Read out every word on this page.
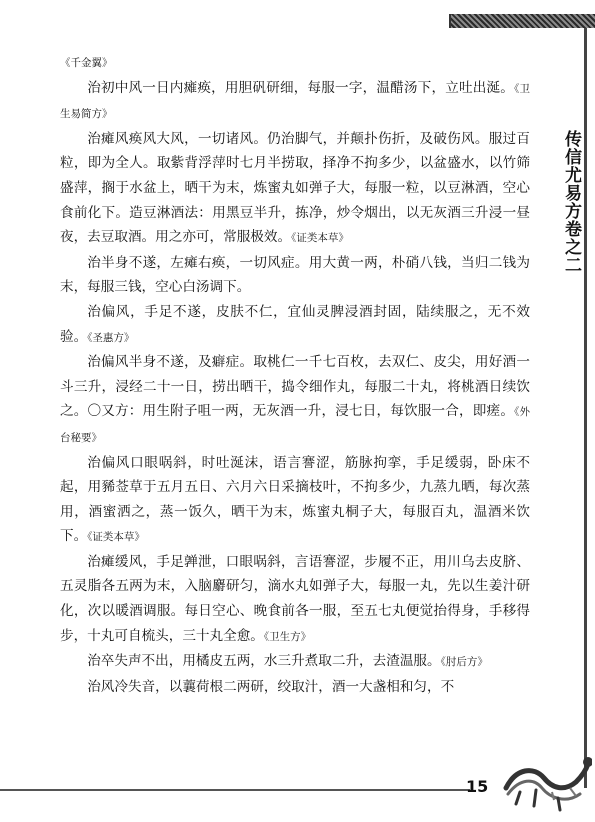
传信尤易方卷之二

《千金翼》

治初中风一日内瘫痪，用胆矾研细，每服一字，温醋汤下，立吐出涎。《卫生易简方》

治瘫风痪风大风，一切诸风。仍治脚气，并颠扑伤折，及破伤风。服过百粒，即为全人。取紫背浮萍时七月半捞取，择净不拘多少，以盆盛水，以竹筛盛萍，搁于水盆上，晒干为末，炼蜜丸如弹子大，每服一粒，以豆淋酒，空心食前化下。造豆淋酒法：用黑豆半升，拣净，炒令烟出，以无灰酒三升浸一昼夜，去豆取酒。用之亦可，常服极效。《证类本草》

治半身不遂，左瘫右痪，一切风症。用大黄一两，朴硝八钱，当归二钱为末，每服三钱，空心白汤调下。

治偏风，手足不遂，皮肤不仁，宜仙灵脾浸酒封固，陆续服之，无不效验。《圣惠方》

治偏风半身不遂，及癖症。取桃仁一千七百枚，去双仁、皮尖，用好酒一斗三升，浸经二十一日，捞出晒干，捣令细作丸，每服二十丸，将桃酒日续饮之。〇又方：用生附子咀一两，无灰酒一升，浸七日，每饮服一合，即瘥。《外台秘要》

治偏风口眼㖞斜，时吐涎沫，语言謇涩，筋脉拘挛，手足缓弱，卧床不起，用豨莶草于五月五日、六月六日采摘枝叶，不拘多少，九蒸九晒，每次蒸用，酒蜜洒之，蒸一饭久，晒干为末，炼蜜丸桐子大，每服百丸，温酒米饮下。《证类本草》

治瘫缓风，手足亸泄，口眼㖞斜，言语謇涩，步履不正，用川乌去皮脐、五灵脂各五两为末，入脑麝研匀，滴水丸如弹子大，每服一丸，先以生姜汁研化，次以暖酒调服。每日空心、晚食前各一服，至五七丸便觉抬得身，手移得步，十丸可自梳头，三十丸全愈。《卫生方》

治卒失声不出，用橘皮五两，水三升煮取二升，去渣温服。《肘后方》

治风冷失音，以蘘荷根二两研，绞取汁，酒一大盏相和匀，不

15
